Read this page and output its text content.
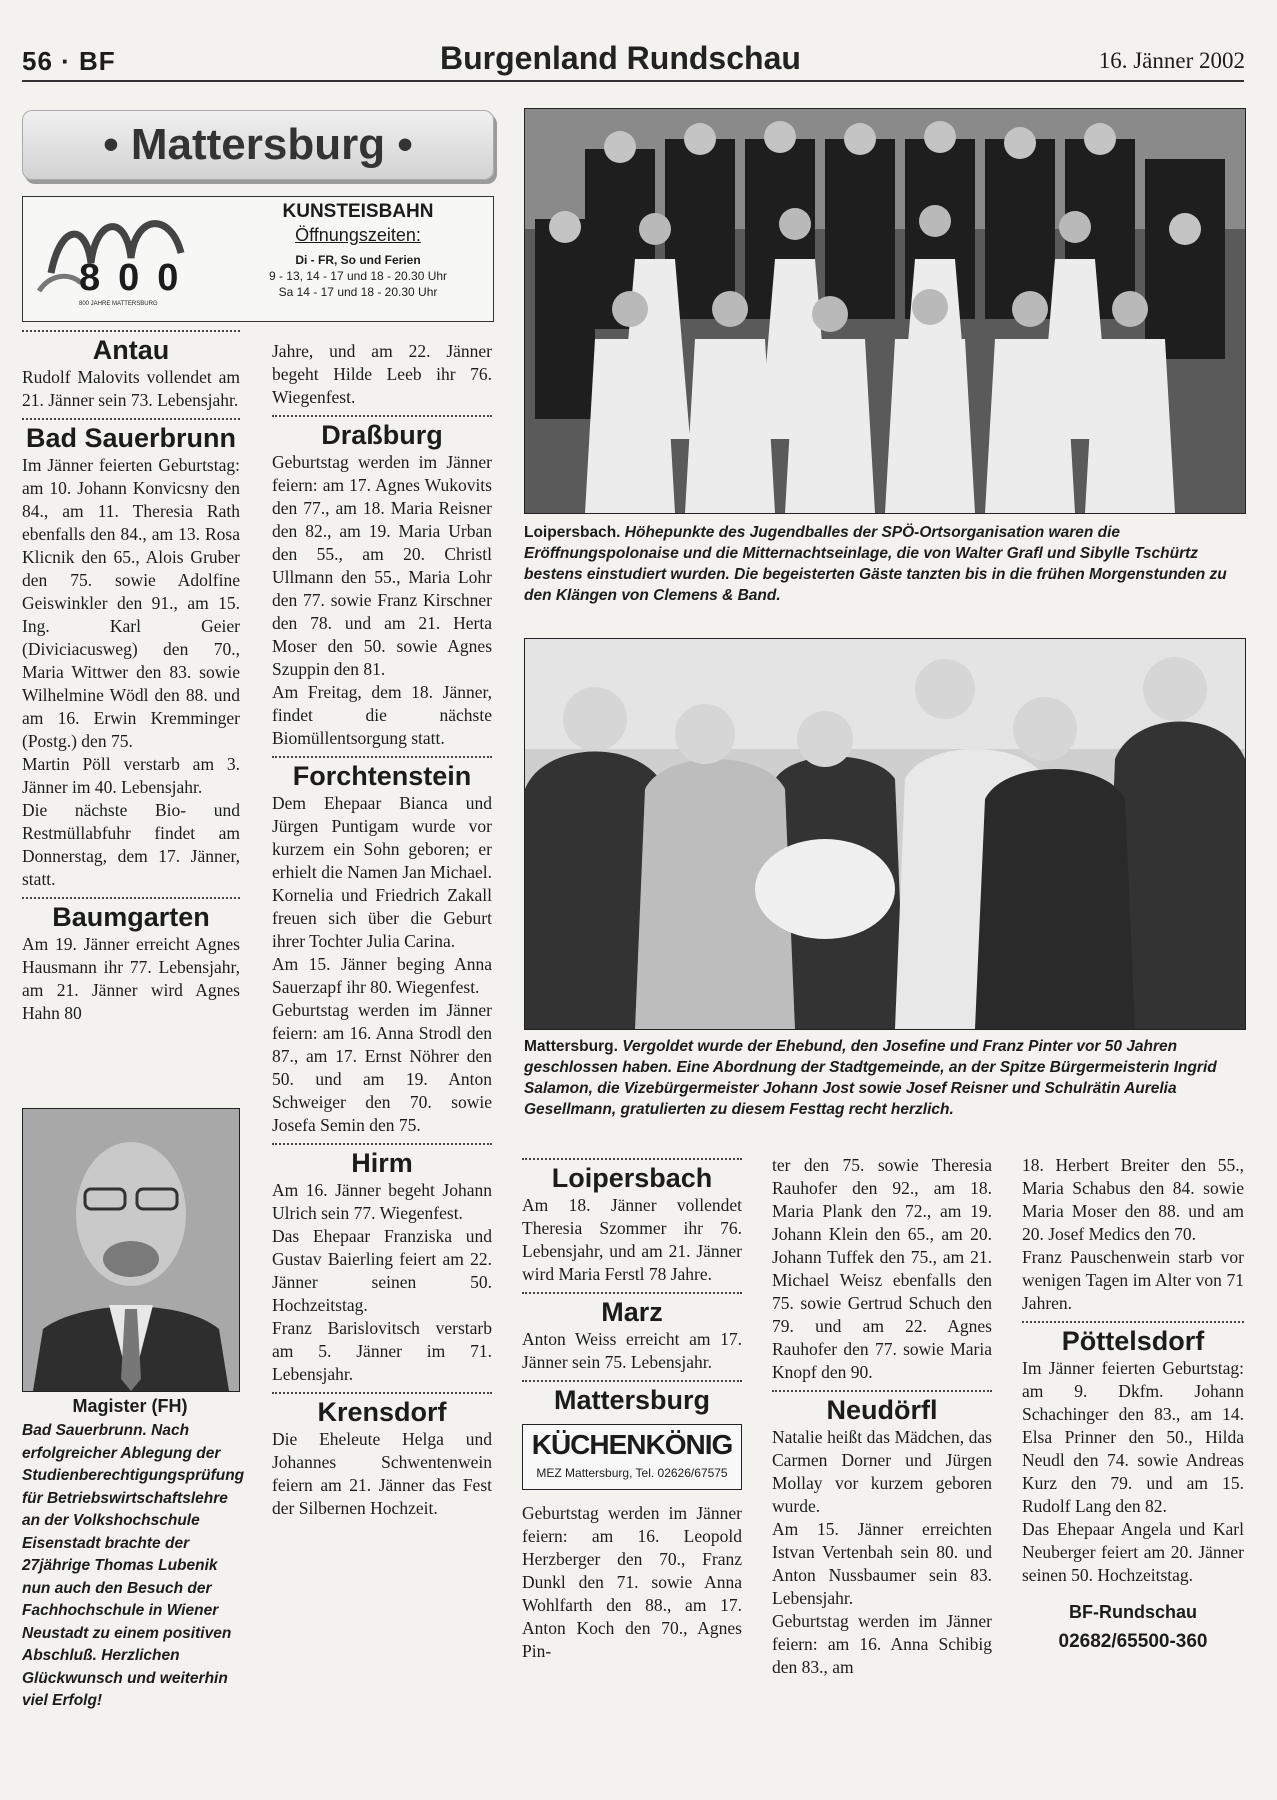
56 · BF	Burgenland Rundschau	16. Jänner 2002
• Mattersburg •
800
800 JAHRE MATTERSBURG
KUNSTEISBAHN
Öffnungszeiten:
Di - FR, So und Ferien
9 - 13, 14 - 17 und 18 - 20.30 Uhr
Sa 14 - 17 und 18 - 20.30 Uhr

Antau

Rudolf Malovits vollendet am 21. Jänner sein 73. Lebensjahr.

Bad Sauerbrunn

Im Jänner feierten Geburtstag: am 10. Johann Konvicsny den 84., am 11. Theresia Rath ebenfalls den 84., am 13. Rosa Klicnik den 65., Alois Gruber den 75. sowie Adolfine Geiswinkler den 91., am 15. Ing. Karl Geier (Diviciacusweg) den 70., Maria Wittwer den 83. sowie Wilhelmine Wödl den 88. und am 16. Erwin Kremminger (Postg.) den 75.

Martin Pöll verstarb am 3. Jänner im 40. Lebensjahr.

Die nächste Bio- und Restmüllabfuhr findet am Donnerstag, dem 17. Jänner, statt.

Baumgarten

Am 19. Jänner erreicht Agnes Hausmann ihr 77. Lebensjahr, am 21. Jänner wird Agnes Hahn 80

Magister (FH)
Bad Sauerbrunn. Nach erfolgreicher Ablegung der Studienberechtigungsprüfung für Betriebswirtschaftslehre an der Volkshochschule Eisenstadt brachte der 27jährige Thomas Lubenik nun auch den Besuch der Fachhochschule in Wiener Neustadt zu einem positiven Abschluß. Herzlichen Glückwunsch und weiterhin viel Erfolg!

Jahre, und am 22. Jänner begeht Hilde Leeb ihr 76. Wiegenfest.

Draßburg

Geburtstag werden im Jänner feiern: am 17. Agnes Wukovits den 77., am 18. Maria Reisner den 82., am 19. Maria Urban den 55., am 20. Christl Ullmann den 55., Maria Lohr den 77. sowie Franz Kirschner den 78. und am 21. Herta Moser den 50. sowie Agnes Szuppin den 81.

Am Freitag, dem 18. Jänner, findet die nächste Biomüllentsorgung statt.

Forchtenstein

Dem Ehepaar Bianca und Jürgen Puntigam wurde vor kurzem ein Sohn geboren; er erhielt die Namen Jan Michael. Kornelia und Friedrich Zakall freuen sich über die Geburt ihrer Tochter Julia Carina.

Am 15. Jänner beging Anna Sauerzapf ihr 80. Wiegenfest.

Geburtstag werden im Jänner feiern: am 16. Anna Strodl den 87., am 17. Ernst Nöhrer den 50. und am 19. Anton Schweiger den 70. sowie Josefa Semin den 75.

Hirm

Am 16. Jänner begeht Johann Ulrich sein 77. Wiegenfest.

Das Ehepaar Franziska und Gustav Baierling feiert am 22. Jänner seinen 50. Hochzeitstag.

Franz Barislovitsch verstarb am 5. Jänner im 71. Lebensjahr.

Krensdorf

Die Eheleute Helga und Johannes Schwentenwein feiern am 21. Jänner das Fest der Silbernen Hochzeit.

Loipersbach. Höhepunkte des Jugendballes der SPÖ-Ortsorganisation waren die Eröffnungspolonaise und die Mitternachtseinlage, die von Walter Grafl und Sibylle Tschürtz bestens einstudiert wurden. Die begeisterten Gäste tanzten bis in die frühen Morgenstunden zu den Klängen von Clemens & Band.
Mattersburg. Vergoldet wurde der Ehebund, den Josefine und Franz Pinter vor 50 Jahren geschlossen haben. Eine Abordnung der Stadtgemeinde, an der Spitze Bürgermeisterin Ingrid Salamon, die Vizebürgermeister Johann Jost sowie Josef Reisner und Schulrätin Aurelia Gesellmann, gratulierten zu diesem Festtag recht herzlich.

Loipersbach

Am 18. Jänner vollendet Theresia Szommer ihr 76. Lebensjahr, und am 21. Jänner wird Maria Ferstl 78 Jahre.

Marz

Anton Weiss erreicht am 17. Jänner sein 75. Lebensjahr.

Mattersburg

KÜCHENKÖNIG
MEZ Mattersburg, Tel. 02626/67575

Geburtstag werden im Jänner feiern: am 16. Leopold Herzberger den 70., Franz Dunkl den 71. sowie Anna Wohlfarth den 88., am 17. Anton Koch den 70., Agnes Pin-

ter den 75. sowie Theresia Rauhofer den 92., am 18. Maria Plank den 72., am 19. Johann Klein den 65., am 20. Johann Tuffek den 75., am 21. Michael Weisz ebenfalls den 75. sowie Gertrud Schuch den 79. und am 22. Agnes Rauhofer den 77. sowie Maria Knopf den 90.

Neudörfl

Natalie heißt das Mädchen, das Carmen Dorner und Jürgen Mollay vor kurzem geboren wurde.

Am 15. Jänner erreichten Istvan Vertenbah sein 80. und Anton Nussbaumer sein 83. Lebensjahr.

Geburtstag werden im Jänner feiern: am 16. Anna Schibig den 83., am

18. Herbert Breiter den 55., Maria Schabus den 84. sowie Maria Moser den 88. und am 20. Josef Medics den 70.

Franz Pauschenwein starb vor wenigen Tagen im Alter von 71 Jahren.

Pöttelsdorf

Im Jänner feierten Geburtstag: am 9. Dkfm. Johann Schachinger den 83., am 14. Elsa Prinner den 50., Hilda Neudl den 74. sowie Andreas Kurz den 79. und am 15. Rudolf Lang den 82.

Das Ehepaar Angela und Karl Neuberger feiert am 20. Jänner seinen 50. Hochzeitstag.

BF-Rundschau
02682/65500-360
